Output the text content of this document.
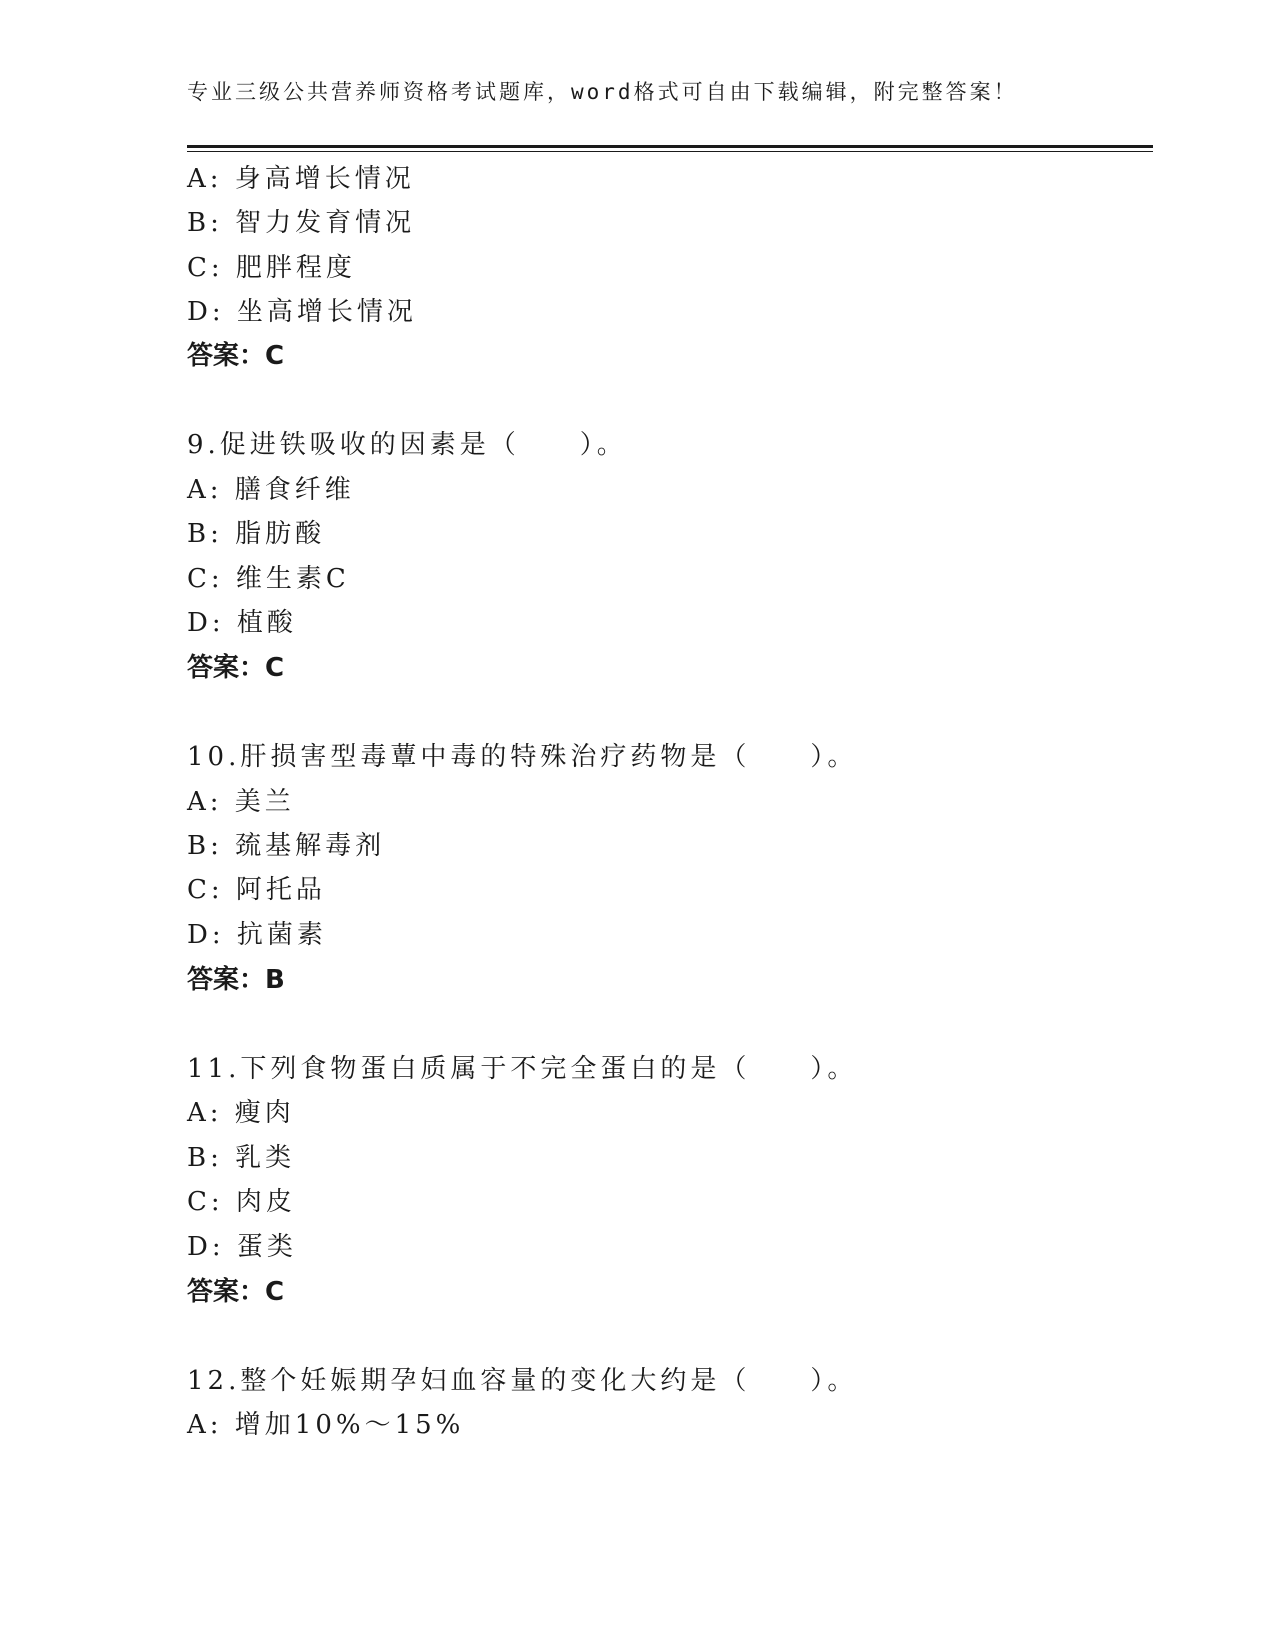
专业三级公共营养师资格考试题库，word格式可自由下载编辑，附完整答案！
A: 身高增长情况
B: 智力发育情况
C: 肥胖程度
D: 坐高增长情况
答案：C
9.促进铁吸收的因素是（　　）。
A: 膳食纤维
B: 脂肪酸
C: 维生素C
D: 植酸
答案：C
10.肝损害型毒蕈中毒的特殊治疗药物是（　　）。
A: 美兰
B: 巯基解毒剂
C: 阿托品
D: 抗菌素
答案：B
11.下列食物蛋白质属于不完全蛋白的是（　　）。
A: 瘦肉
B: 乳类
C: 肉皮
D: 蛋类
答案：C
12.整个妊娠期孕妇血容量的变化大约是（　　）。
A: 增加10%～15%
